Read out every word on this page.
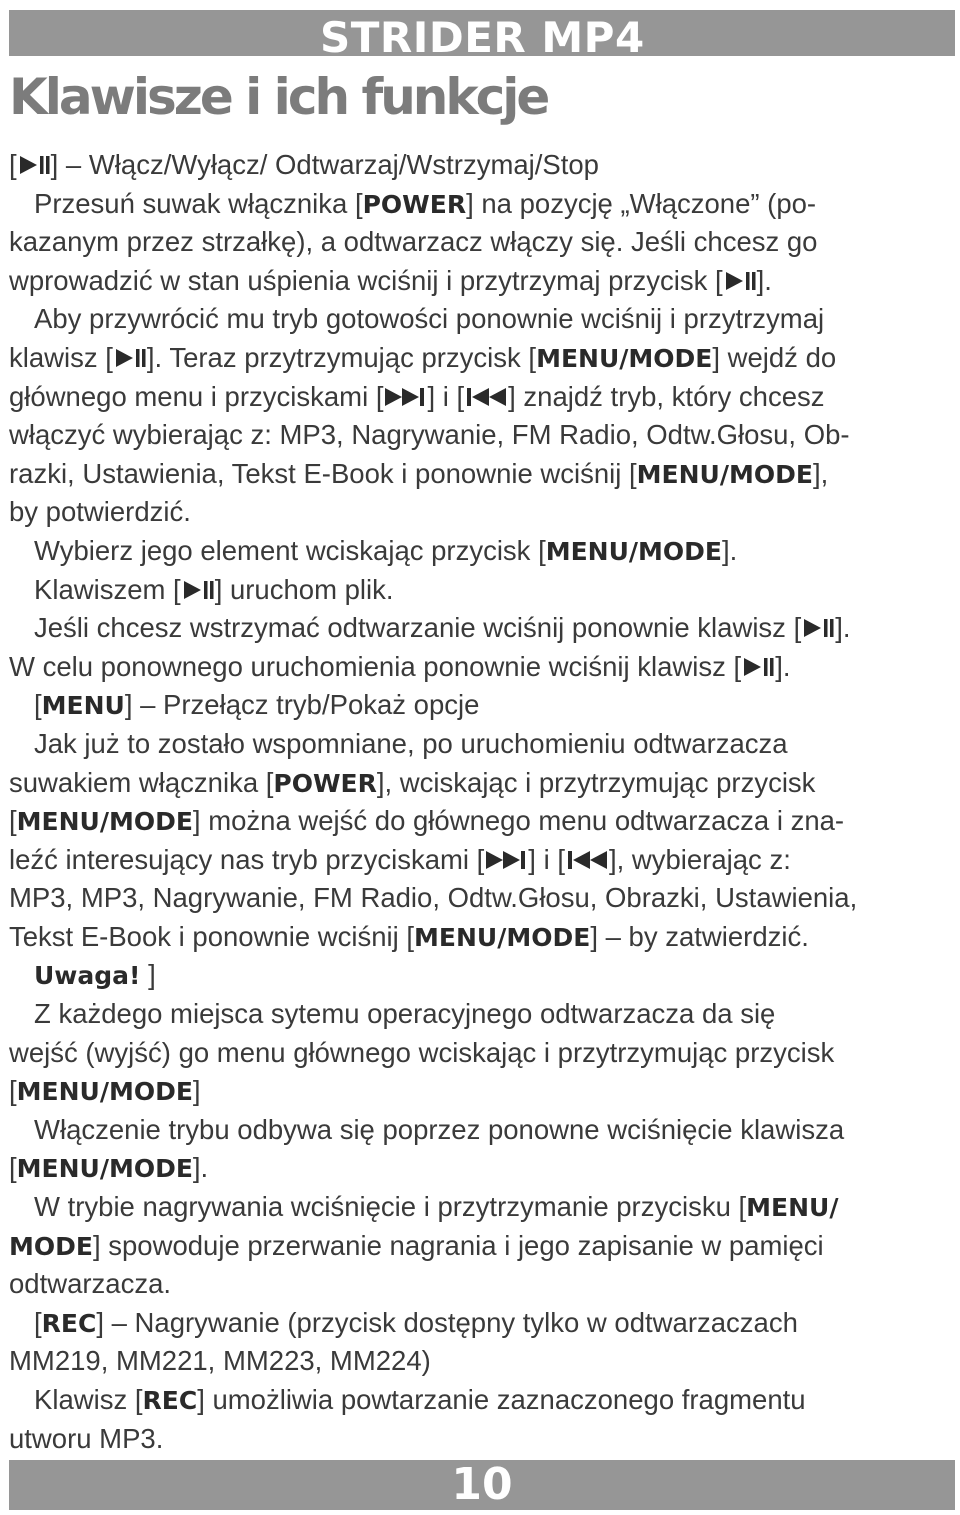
STRIDER MP4
Klawisze i ich funkcje
[ ] – Włącz/Wyłącz/ Odtwarzaj/Wstrzymaj/Stop
Przesuń suwak włącznika [POWER] na pozycję „Włączone” (po-
kazanym przez strzałkę), a odtwarzacz włączy się. Jeśli chcesz go
wprowadzić w stan uśpienia wciśnij i przytrzymaj przycisk [ ].
Aby przywrócić mu tryb gotowości ponownie wciśnij i przytrzymaj
klawisz [ ]. Teraz przytrzymując przycisk [MENU/MODE] wejdź do
głównego menu i przyciskami [ ] i [ ] znajdź tryb, który chcesz
włączyć wybierając z: MP3, Nagrywanie, FM Radio, Odtw.Głosu, Ob-
razki, Ustawienia, Tekst E-Book i ponownie wciśnij [MENU/MODE],
by potwierdzić.
Wybierz jego element wciskając przycisk [MENU/MODE].
Klawiszem [ ] uruchom plik.
Jeśli chcesz wstrzymać odtwarzanie wciśnij ponownie klawisz [ ].
W celu ponownego uruchomienia ponownie wciśnij klawisz [ ].
[MENU] – Przełącz tryb/Pokaż opcje
Jak już to zostało wspomniane, po uruchomieniu odtwarzacza
suwakiem włącznika [POWER], wciskając i przytrzymując przycisk
[MENU/MODE] można wejść do głównego menu odtwarzacza i zna-
leźć interesujący nas tryb przyciskami [ ] i [ ], wybierając z:
MP3, MP3, Nagrywanie, FM Radio, Odtw.Głosu, Obrazki, Ustawienia,
Tekst E-Book i ponownie wciśnij [MENU/MODE] – by zatwierdzić.
Uwaga! ]
Z każdego miejsca sytemu operacyjnego odtwarzacza da się
wejść (wyjść) go menu głównego wciskając i przytrzymując przycisk
[MENU/MODE]
Włączenie trybu odbywa się poprzez ponowne wciśnięcie klawisza
[MENU/MODE].
W trybie nagrywania wciśnięcie i przytrzymanie przycisku [MENU/
MODE] spowoduje przerwanie nagrania i jego zapisanie w pamięci
odtwarzacza.
[REC] – Nagrywanie (przycisk dostępny tylko w odtwarzaczach
MM219, MM221, MM223, MM224)
Klawisz [REC] umożliwia powtarzanie zaznaczonego fragmentu
utworu MP3.
10
